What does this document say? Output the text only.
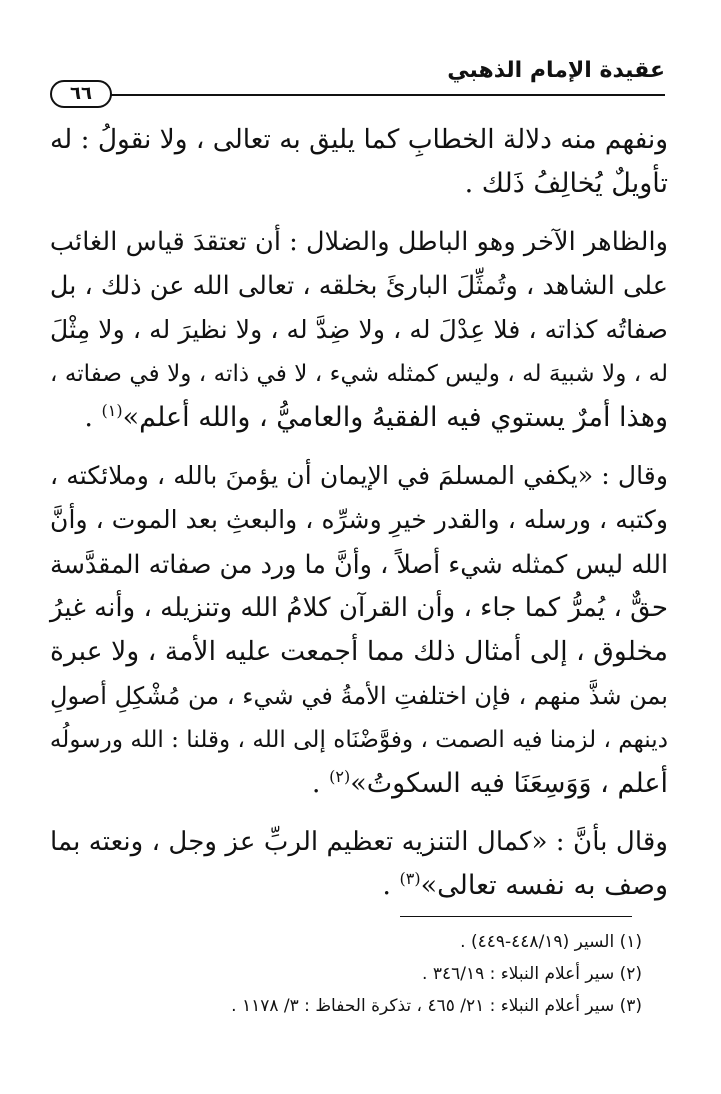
عقيدة الإمام الذهبي
٦٦

ونفهم منه دلالة الخطابِ كما يليق به تعالى ، ولا نقولُ : له
تأويلٌ يُخالِفُ ذَلك .

والظاهر الآخر وهو الباطل والضلال : أن تعتقدَ قياس الغائب
على الشاهد ، وتُمثِّلَ البارئَ بخلقه ، تعالى الله عن ذلك ، بل
صفاتُه كذاته ، فلا عِدْلَ له ، ولا ضِدَّ له ، ولا نظيرَ له ، ولا مِثْلَ
له ، ولا شبيهَ له ، وليس كمثله شيء ، لا في ذاته ، ولا في صفاته ،
وهذا أمرٌ يستوي فيه الفقيهُ والعاميُّ ، والله أعلم»$^{(١)}$ .

وقال : «يكفي المسلمَ في الإيمان أن يؤمنَ بالله ، وملائكته ،
وكتبه ، ورسله ، والقدر خيرِ وشرِّه ، والبعثِ بعد الموت ، وأنَّ
الله ليس كمثله شيء أصلاً ، وأنَّ ما ورد من صفاته المقدَّسة
حقٌّ ، يُمرُّ كما جاء ، وأن القرآن كلامُ الله وتنزيله ، وأنه غيرُ
مخلوق ، إلى أمثال ذلك مما أجمعت عليه الأمة ، ولا عبرة
بمن شذَّ منهم ، فإن اختلفتِ الأمةُ في شيء ، من مُشْكِلِ أصولِ
دينهم ، لزمنا فيه الصمت ، وفوَّضْنَاه إلى الله ، وقلنا : الله ورسولُه
أعلم ، وَوَسِعَنَا فيه السكوتُ»$^{(٢)}$ .

وقال بأنَّ : «كمال التنزيه تعظيم الربِّ عز وجل ، ونعته بما
وصف به نفسه تعالى»$^{(٣)}$ .

(١) السير (٤٤٨/١٩-٤٤٩) .
(٢) سير أعلام النبلاء : ٣٤٦/١٩ .
(٣) سير أعلام النبلاء : ٢١/ ٤٦٥ ، تذكرة الحفاظ : ٣/ ١١٧٨ .
